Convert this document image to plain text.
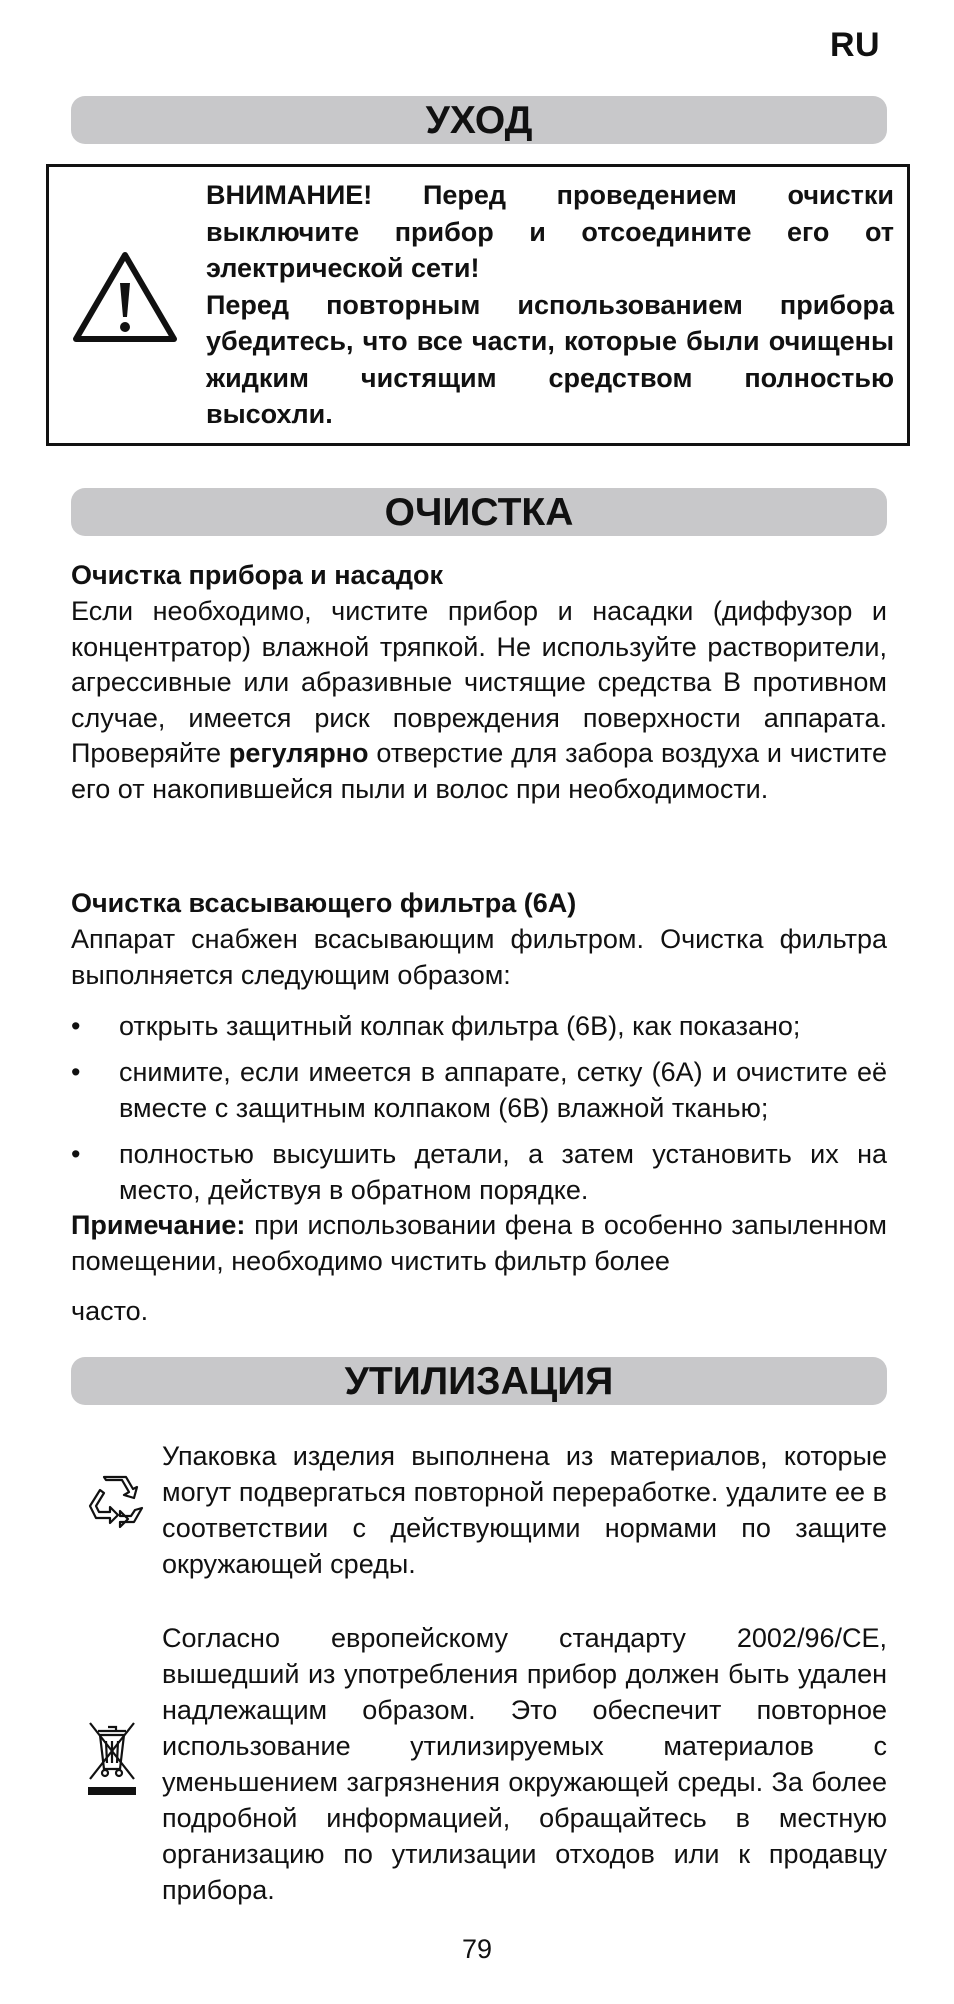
RU
УХОД
ВНИМАНИЕ! Перед проведением очистки выключите прибор и отсоедините его от электрической сети!
Перед повторным использованием прибора убедитесь, что все части, которые были очищены жидким чистящим средством полностью высохли.
ОЧИСТКА
Очистка прибора и насадок
Если необходимо, чистите прибор и насадки (диффузор и концентратор) влажной тряпкой. Не используйте растворители, агрессивные или абразивные чистящие средства В противном случае, имеется риск повреждения поверхности аппарата. Проверяйте регулярно отверстие для забора воздуха и чистите его от накопившейся пыли и волос при необходимости.
Очистка всасывающего фильтра (6А)
Аппарат снабжен всасывающим фильтром. Очистка фильтра выполняется следующим образом:
• открыть защитный колпак фильтра (6B), как показано;
• снимите, если имеется в аппарате, сетку (6A) и очистите её вместе с защитным колпаком (6B) влажной тканью;
• полностью высушить детали, а затем установить их на место, действуя в обратном порядке.
Примечание: при использовании фена в особенно запыленном помещении, необходимо чистить фильтр более
часто.
УТИЛИЗАЦИЯ
Упаковка изделия выполнена из материалов, которые могут подвергаться повторной переработке. удалите ее в соответствии с действующими нормами по защите окружающей среды.
Согласно европейскому стандарту 2002/96/CE, вышедший из употребления прибор должен быть удален надлежащим образом. Это обеспечит повторное использование утилизируемых материалов с уменьшением загрязнения окружающей среды. За более подробной информацией, обращайтесь в местную организацию по утилизации отходов или к продавцу прибора.
79
